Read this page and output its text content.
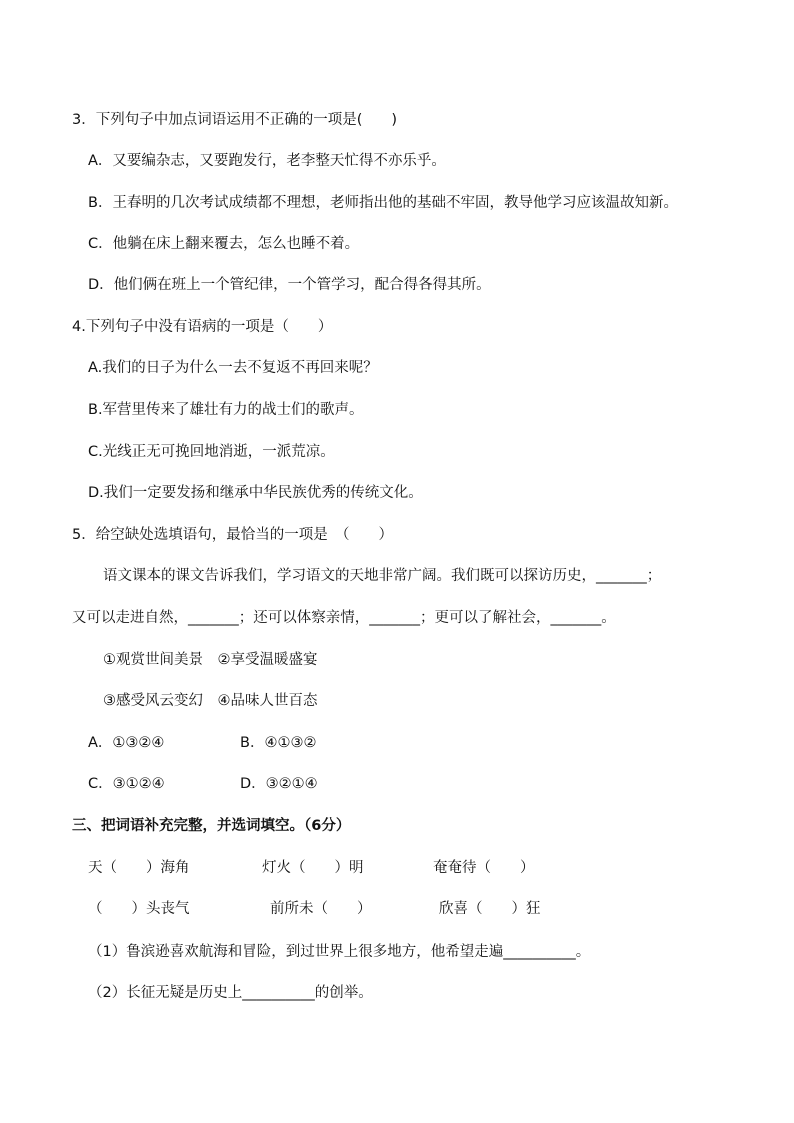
3．下列句子中加点词语运用不正确的一项是(　　)
A．又要编杂志，又要跑发行，老李整天忙得不亦乐乎。
B．王春明的几次考试成绩都不理想，老师指出他的基础不牢固，教导他学习应该温故知新。
C．他躺在床上翻来覆去，怎么也睡不着。
D．他们俩在班上一个管纪律，一个管学习，配合得各得其所。
4.下列句子中没有语病的一项是（　　）
A.我们的日子为什么一去不复返不再回来呢？
B.军营里传来了雄壮有力的战士们的歌声。
C.光线正无可挽回地消逝，一派荒凉。
D.我们一定要发扬和继承中华民族优秀的传统文化。
5．给空缺处选填语句，最恰当的一项是　（　　）
语文课本的课文告诉我们，学习语文的天地非常广阔。我们既可以探访历史，_______；
又可以走进自然，_______；还可以体察亲情，_______；更可以了解社会，_______。
①观赏世间美景　②享受温暖盛宴
③感受风云变幻　④品味人世百态
A．①③②④	B．④①③②
C．③①②④	D．③②①④
三、把词语补充完整，并选词填空。（6分）
天（　　）海角	灯火（　　）明	奄奄待（　　）
（　　）头丧气	前所未（　　）	欣喜（　　）狂
（1）鲁滨逊喜欢航海和冒险，到过世界上很多地方，他希望走遍__________。
（2）长征无疑是历史上__________的创举。
